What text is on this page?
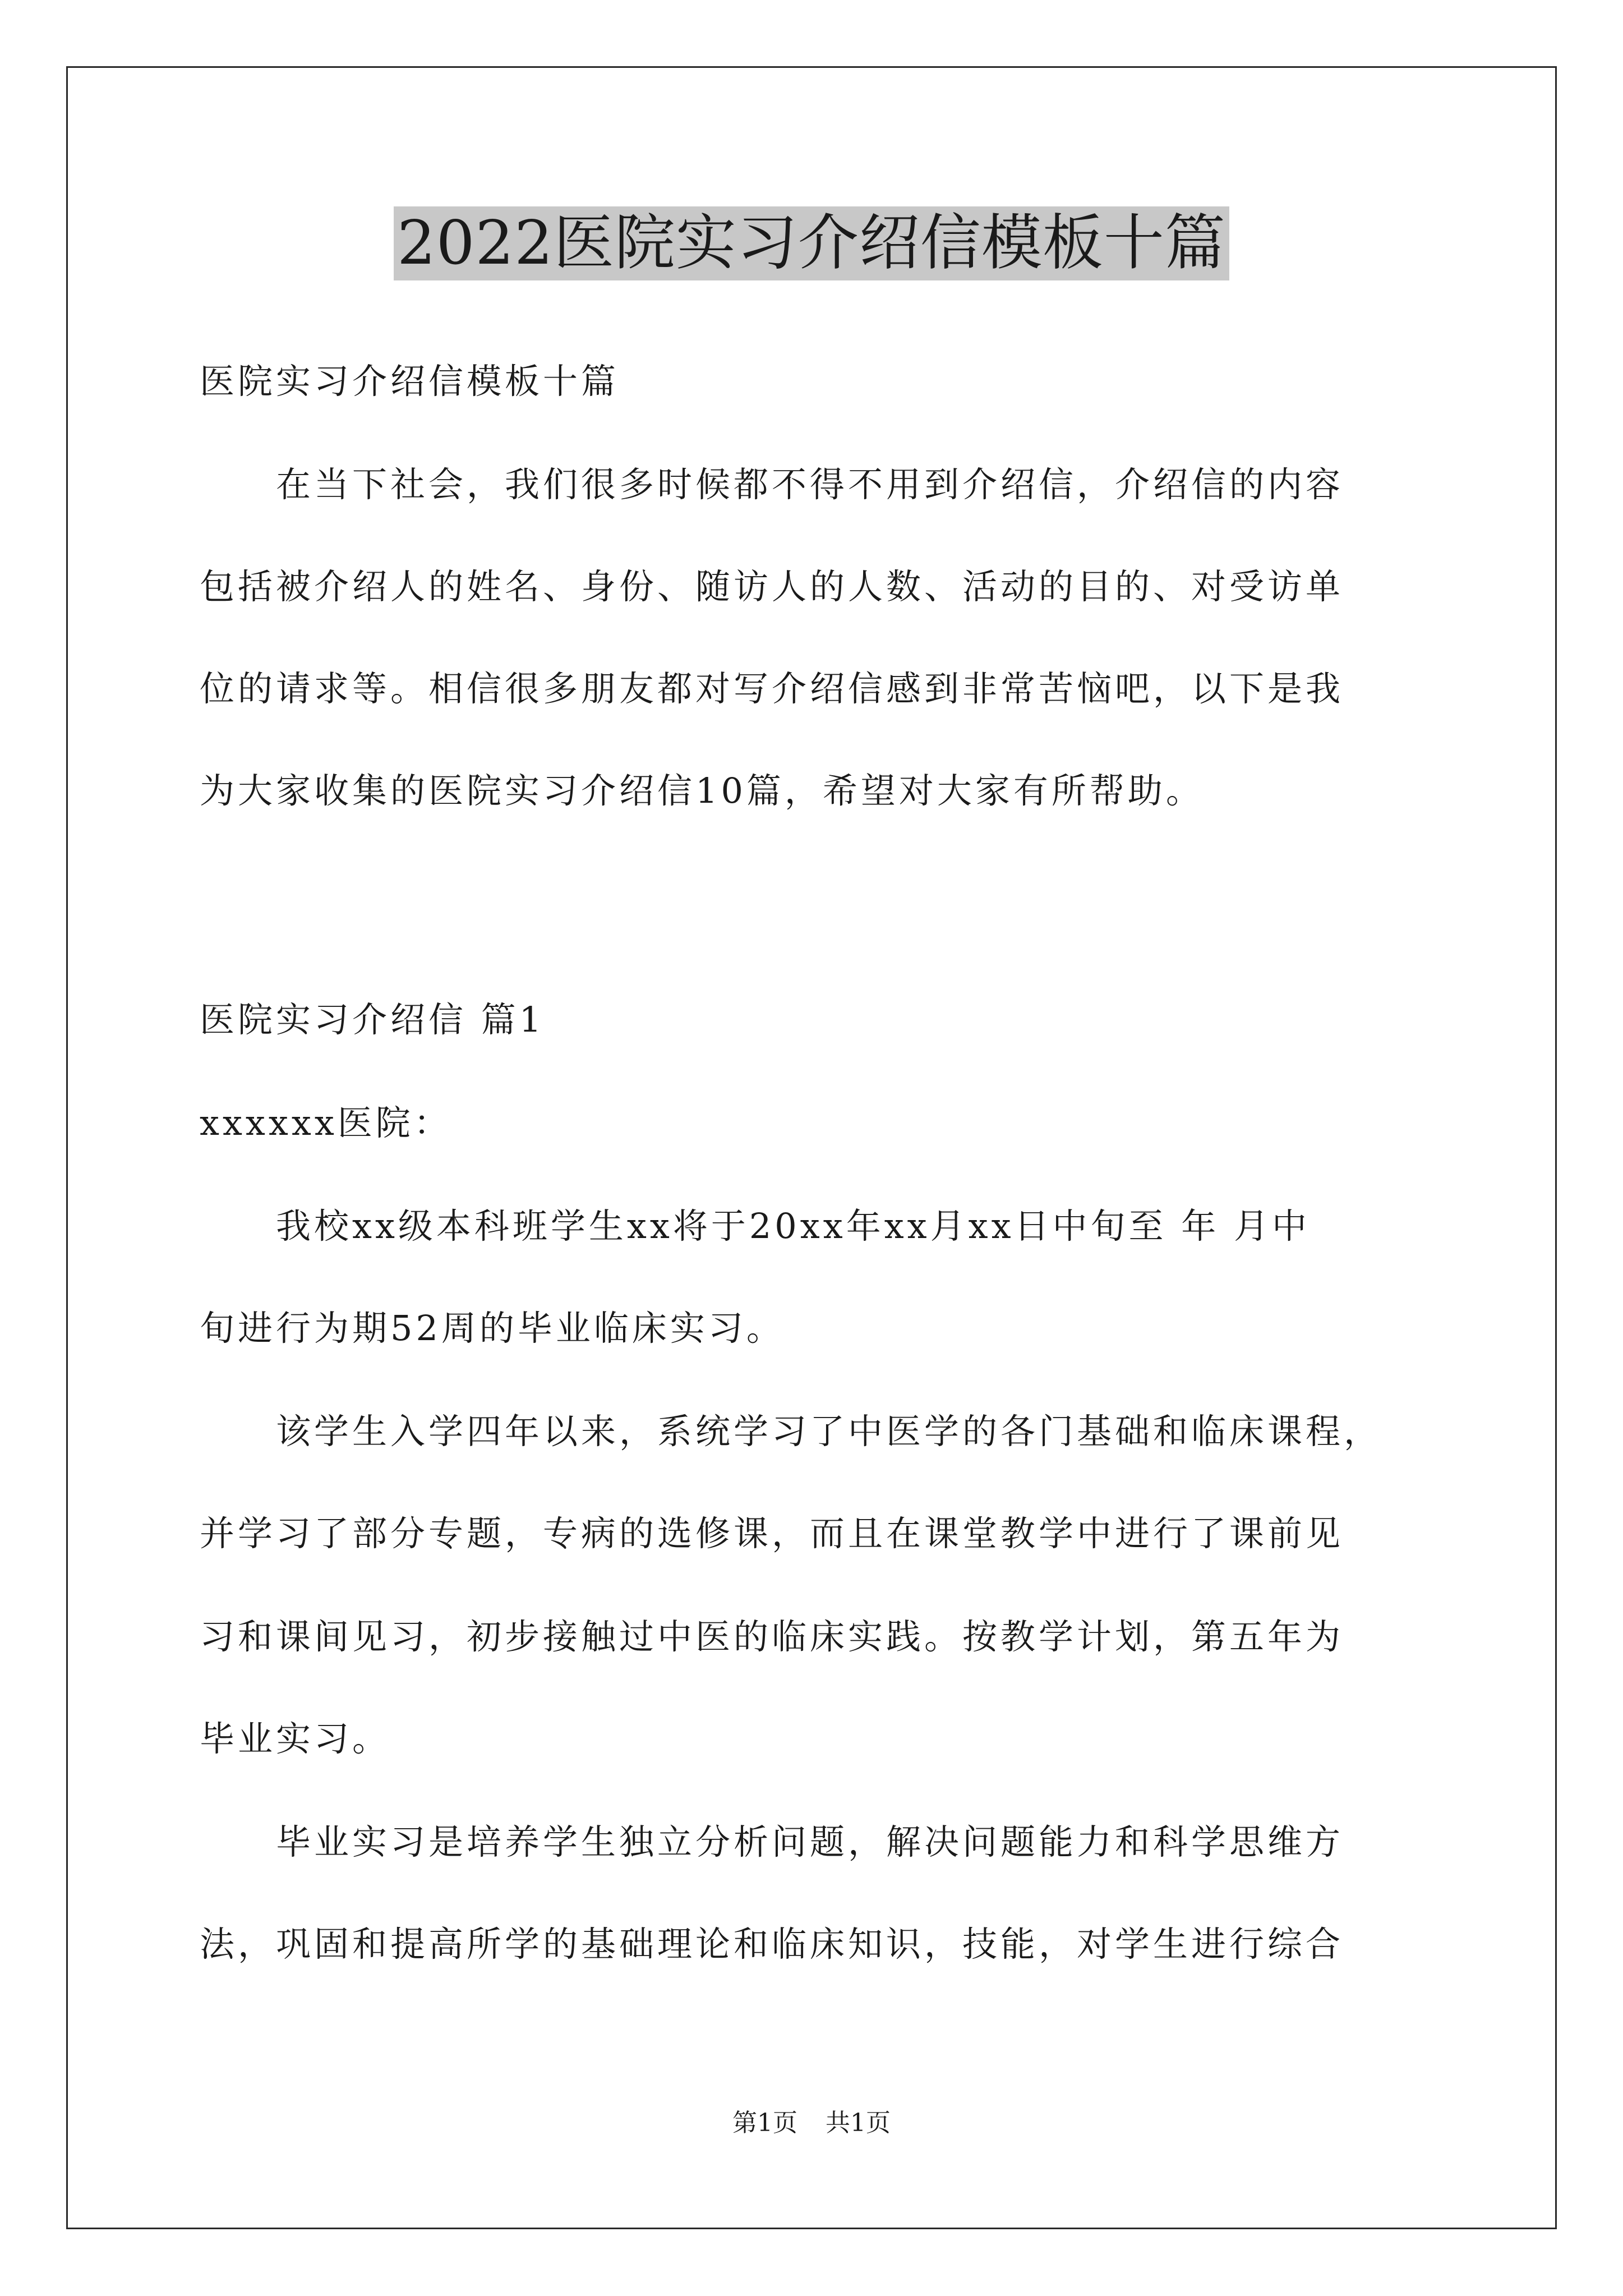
2022医院实习介绍信模板十篇
医院实习介绍信模板十篇
　　在当下社会，我们很多时候都不得不用到介绍信，介绍信的内容
包括被介绍人的姓名、身份、随访人的人数、活动的目的、对受访单
位的请求等。相信很多朋友都对写介绍信感到非常苦恼吧，以下是我
为大家收集的医院实习介绍信10篇，希望对大家有所帮助。
医院实习介绍信 篇1
xxxxxx医院：
　　我校xx级本科班学生xx将于20xx年xx月xx日中旬至 年 月中
旬进行为期52周的毕业临床实习。
　　该学生入学四年以来，系统学习了中医学的各门基础和临床课程，
并学习了部分专题，专病的选修课，而且在课堂教学中进行了课前见
习和课间见习，初步接触过中医的临床实践。按教学计划，第五年为
毕业实习。
　　毕业实习是培养学生独立分析问题，解决问题能力和科学思维方
法，巩固和提高所学的基础理论和临床知识，技能，对学生进行综合
第1页 共1页
